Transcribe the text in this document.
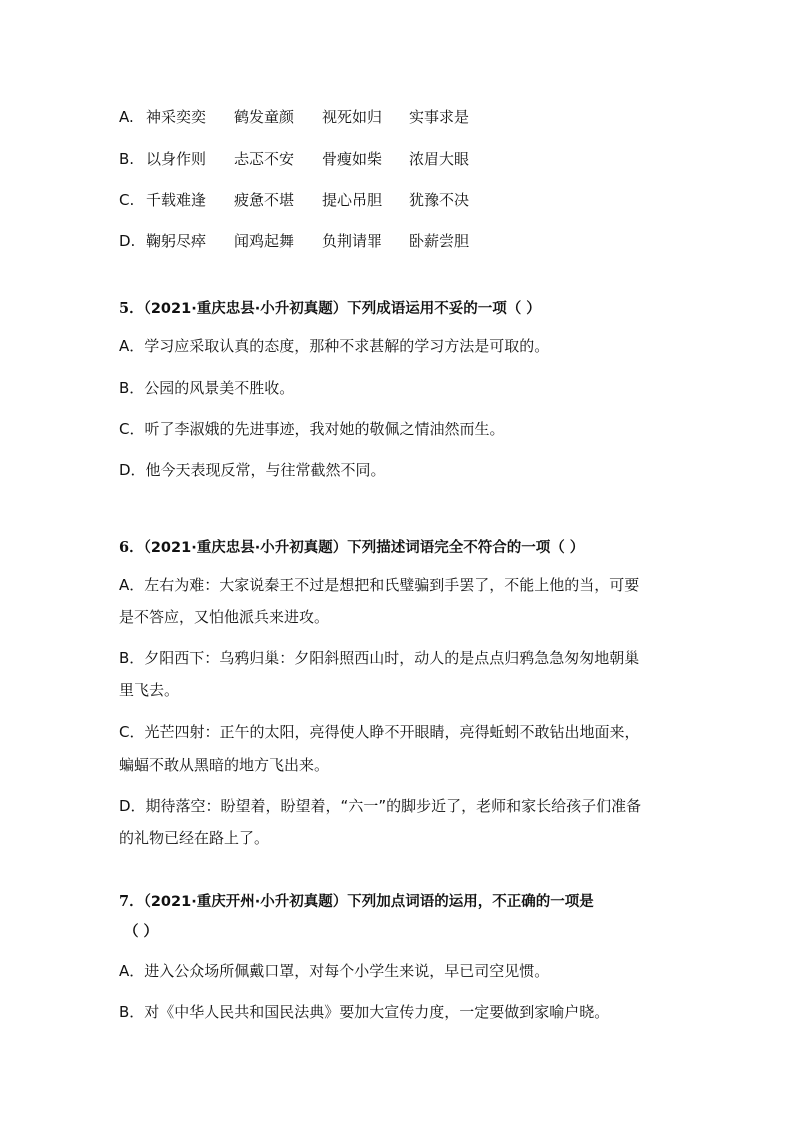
A. 神采奕奕 鹤发童颜 视死如归 实事求是
B. 以身作则 忐忑不安 骨瘦如柴 浓眉大眼
C. 千载难逢 疲惫不堪 提心吊胆 犹豫不决
D. 鞠躬尽瘁 闻鸡起舞 负荆请罪 卧薪尝胆
5．（2021·重庆忠县·小升初真题）下列成语运用不妥的一项（ ）
A．学习应采取认真的态度，那种不求甚解的学习方法是可取的。
B．公园的风景美不胜收。
C．听了李淑娥的先进事迹，我对她的敬佩之情油然而生。
D．他今天表现反常，与往常截然不同。
6．（2021·重庆忠县·小升初真题）下列描述词语完全不符合的一项（ ）
A．左右为难：大家说秦王不过是想把和氏璧骗到手罢了，不能上他的当，可要
是不答应，又怕他派兵来进攻。
B．夕阳西下：乌鸦归巢：夕阳斜照西山时，动人的是点点归鸦急急匆匆地朝巢
里飞去。
C．光芒四射：正午的太阳，亮得使人睁不开眼睛，亮得蚯蚓不敢钻出地面来，
蝙蝠不敢从黑暗的地方飞出来。
D．期待落空：盼望着，盼望着，“六一”的脚步近了，老师和家长给孩子们准备
的礼物已经在路上了。
7．（2021·重庆开州·小升初真题）下列加点词语的运用，不正确的一项是
（ ）
A．进入公众场所佩戴口罩，对每个小学生来说，早已司空见惯。
B．对《中华人民共和国民法典》要加大宣传力度，一定要做到家喻户晓。
